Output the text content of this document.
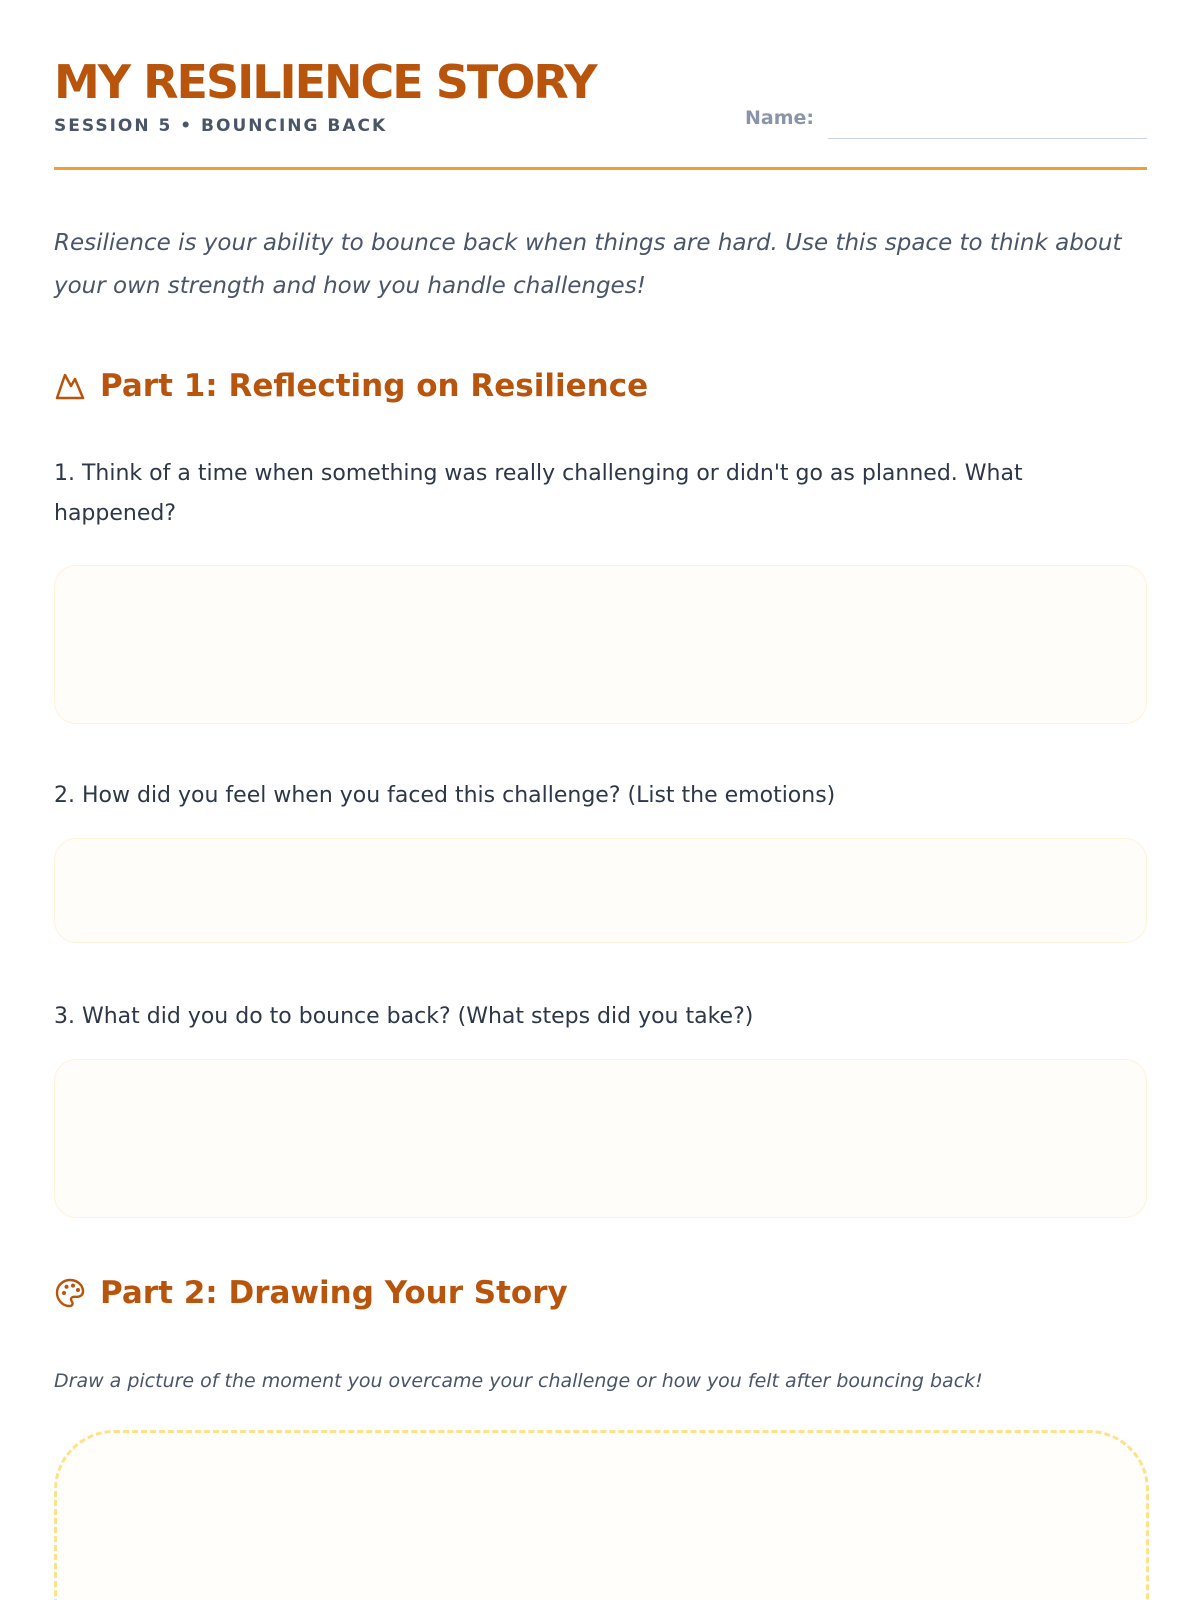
MY RESILIENCE STORY
SESSION 5 • BOUNCING BACK	Name:

Resilience is your ability to bounce back when things are hard. Use this space to think about your own strength and how you handle challenges!

Part 1: Reflecting on Resilience

1. Think of a time when something was really challenging or didn't go as planned. What happened?

2. How did you feel when you faced this challenge? (List the emotions)

3. What did you do to bounce back? (What steps did you take?)

Part 2: Drawing Your Story

Draw a picture of the moment you overcame your challenge or how you felt after bouncing back!
